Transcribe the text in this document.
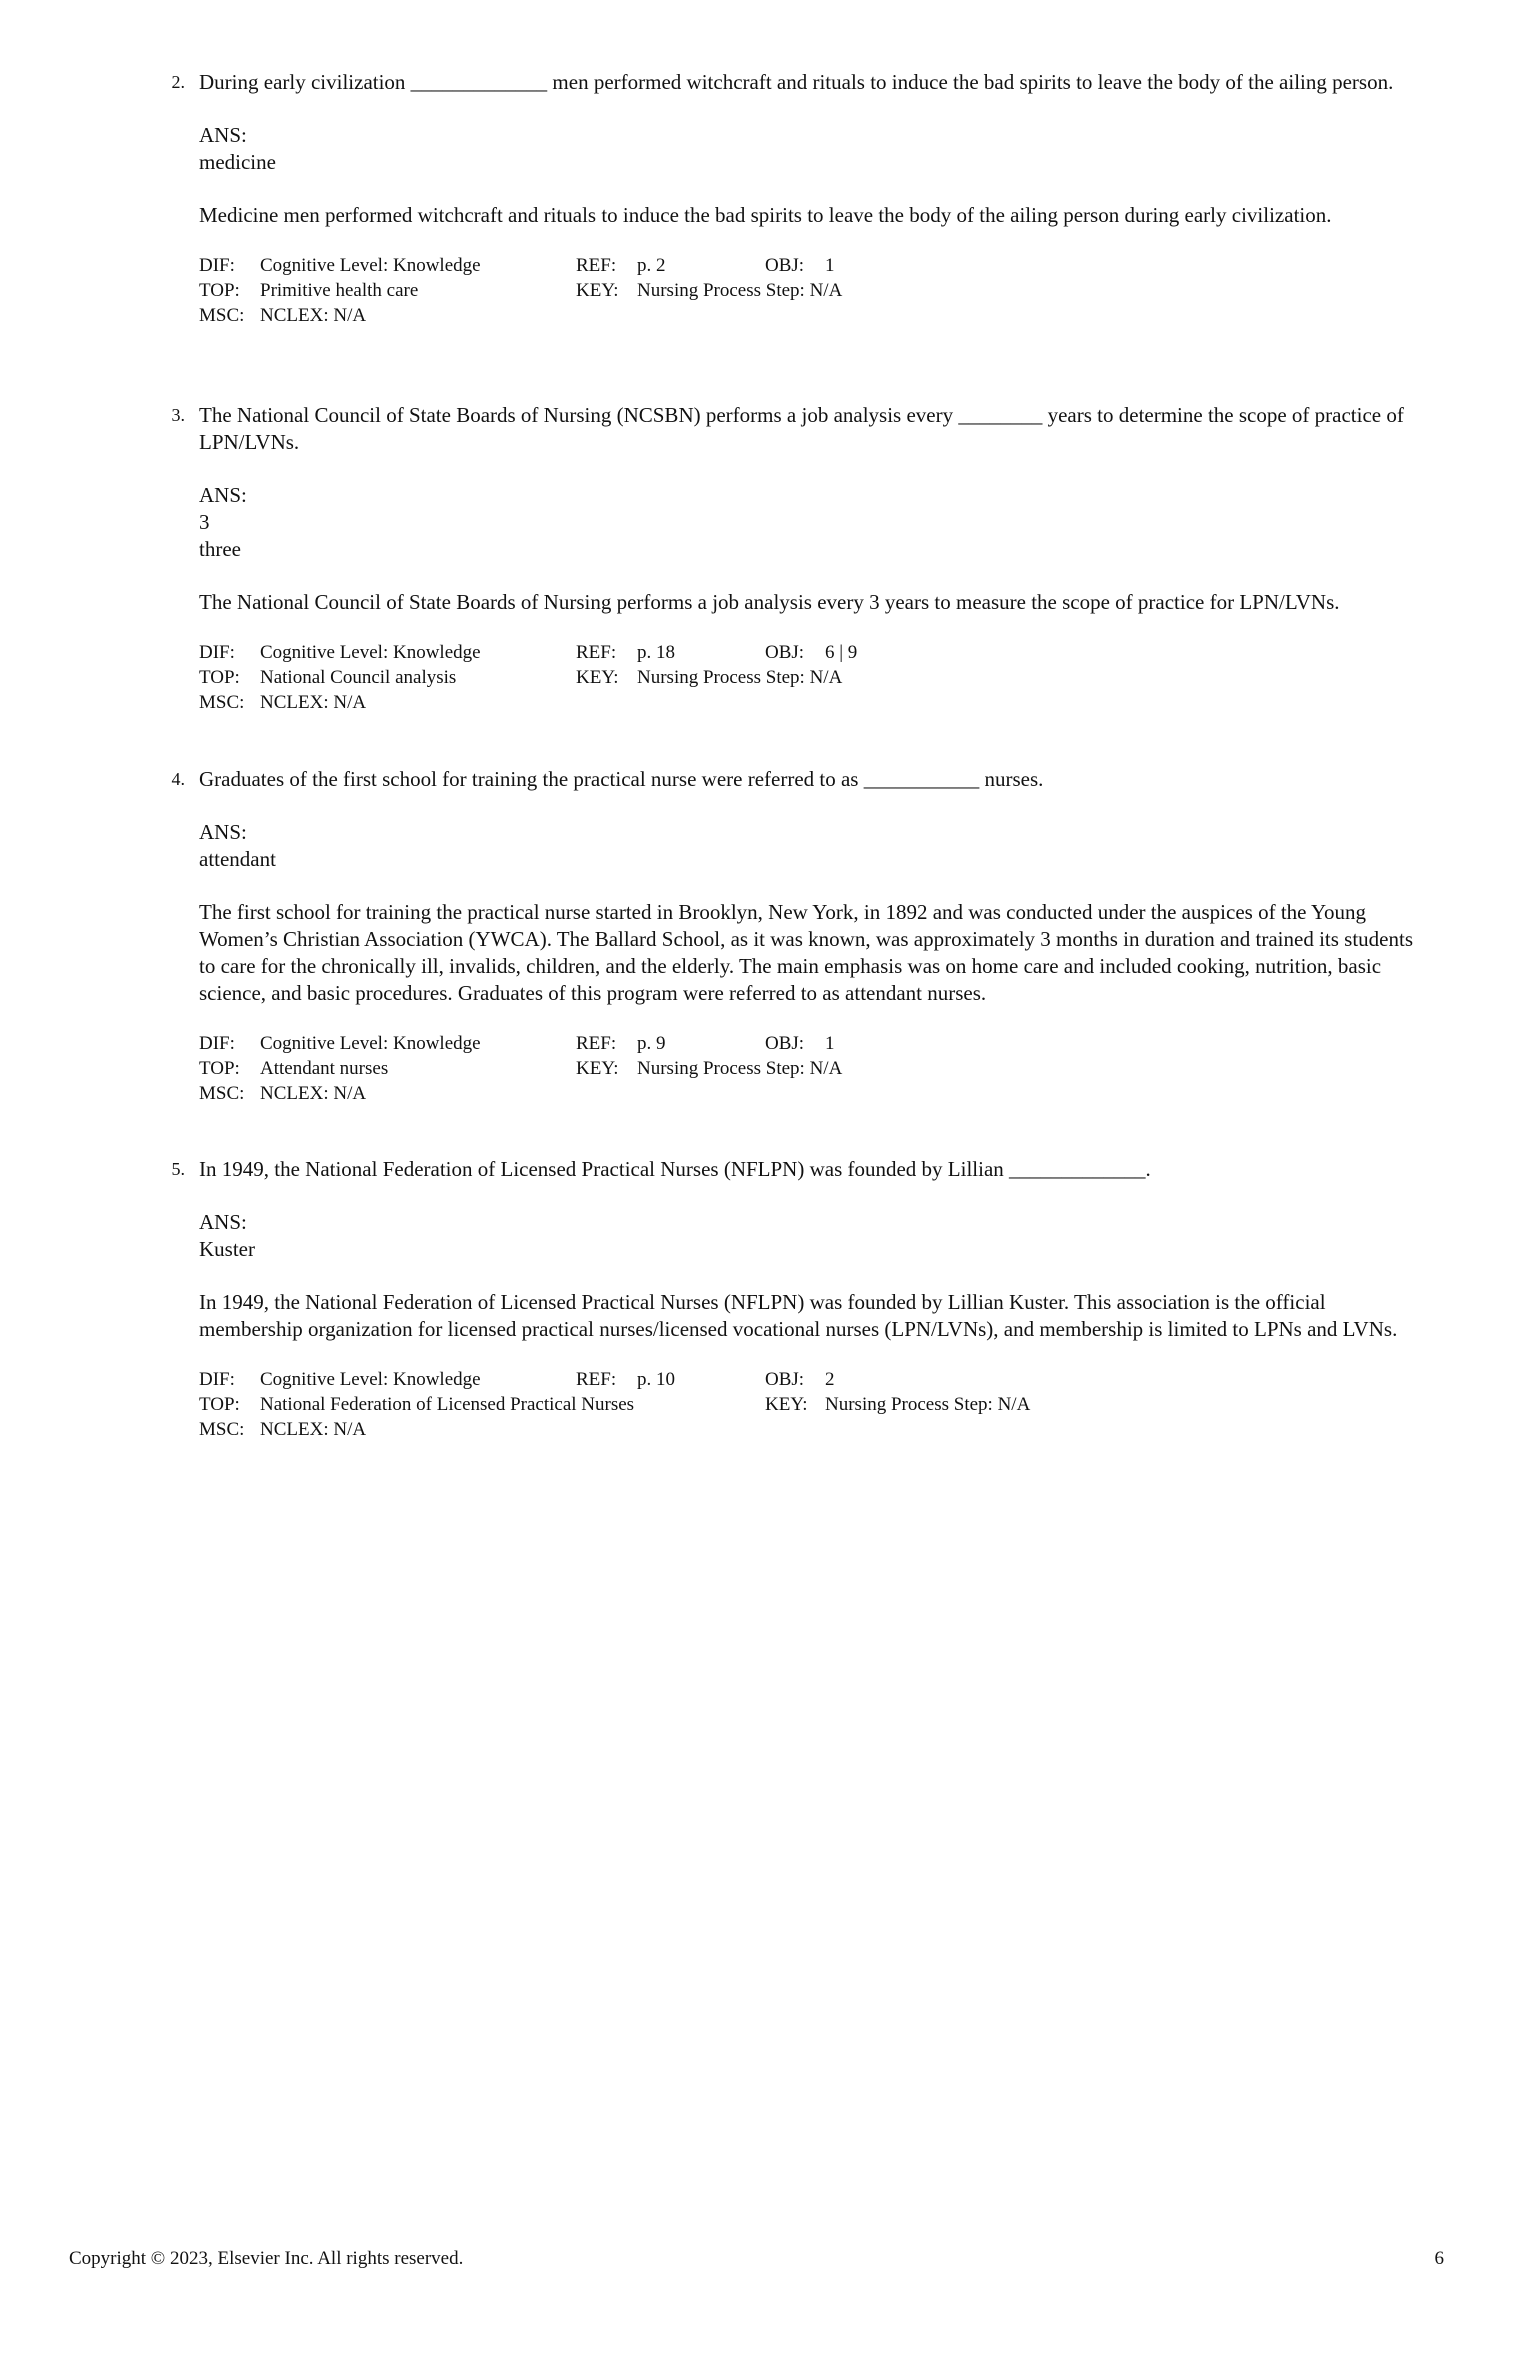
2. During early civilization _____________ men performed witchcraft and rituals to induce the bad spirits to leave the body of the ailing person.

ANS:
medicine

Medicine men performed witchcraft and rituals to induce the bad spirits to leave the body of the ailing person during early civilization.

DIF: Cognitive Level: Knowledge	REF: p. 2	OBJ: 1
TOP: Primitive health care	KEY: Nursing Process Step: N/A
MSC: NCLEX: N/A
3. The National Council of State Boards of Nursing (NCSBN) performs a job analysis every ________ years to determine the scope of practice of LPN/LVNs.

ANS:
3
three

The National Council of State Boards of Nursing performs a job analysis every 3 years to measure the scope of practice for LPN/LVNs.

DIF: Cognitive Level: Knowledge	REF: p. 18	OBJ: 6 | 9
TOP: National Council analysis	KEY: Nursing Process Step: N/A
MSC: NCLEX: N/A
4. Graduates of the first school for training the practical nurse were referred to as ___________ nurses.

ANS:
attendant

The first school for training the practical nurse started in Brooklyn, New York, in 1892 and was conducted under the auspices of the Young Women’s Christian Association (YWCA). The Ballard School, as it was known, was approximately 3 months in duration and trained its students to care for the chronically ill, invalids, children, and the elderly. The main emphasis was on home care and included cooking, nutrition, basic science, and basic procedures. Graduates of this program were referred to as attendant nurses.

DIF: Cognitive Level: Knowledge	REF: p. 9	OBJ: 1
TOP: Attendant nurses	KEY: Nursing Process Step: N/A
MSC: NCLEX: N/A
5. In 1949, the National Federation of Licensed Practical Nurses (NFLPN) was founded by Lillian _____________.

ANS:
Kuster

In 1949, the National Federation of Licensed Practical Nurses (NFLPN) was founded by Lillian Kuster. This association is the official membership organization for licensed practical nurses/licensed vocational nurses (LPN/LVNs), and membership is limited to LPNs and LVNs.

DIF: Cognitive Level: Knowledge	REF: p. 10	OBJ: 2
TOP: National Federation of Licensed Practical Nurses	KEY: Nursing Process Step: N/A
MSC: NCLEX: N/A
Copyright © 2023, Elsevier Inc. All rights reserved.	6
